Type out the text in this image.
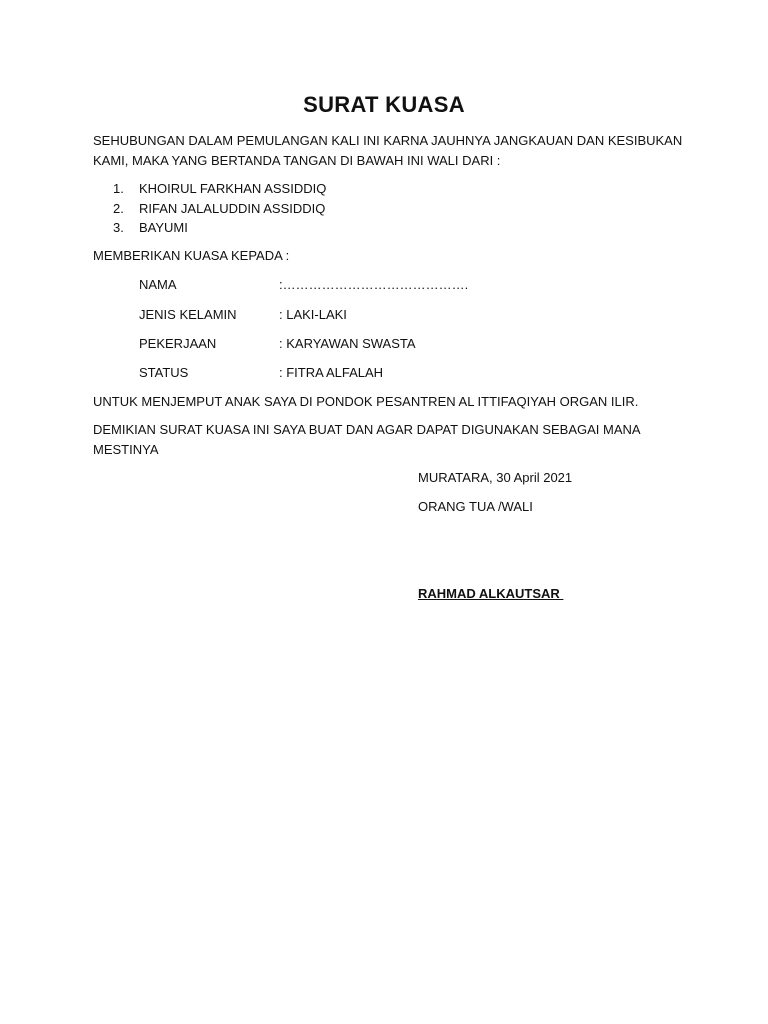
SURAT KUASA
SEHUBUNGAN DALAM PEMULANGAN KALI INI KARNA JAUHNYA JANGKAUAN DAN KESIBUKAN KAMI, MAKA YANG BERTANDA TANGAN DI BAWAH INI WALI DARI :
1. KHOIRUL FARKHAN ASSIDDIQ
2. RIFAN JALALUDDIN ASSIDDIQ
3. BAYUMI
MEMBERIKAN KUASA KEPADA :
NAMA	:…………………………………….
JENIS KELAMIN	: LAKI-LAKI
PEKERJAAN	: KARYAWAN SWASTA
STATUS	: FITRA ALFALAH
UNTUK MENJEMPUT ANAK SAYA DI PONDOK PESANTREN AL ITTIFAQIYAH ORGAN ILIR.
DEMIKIAN SURAT KUASA INI SAYA BUAT DAN AGAR DAPAT DIGUNAKAN SEBAGAI MANA MESTINYA
MURATARA, 30 April 2021
ORANG TUA /WALI
RAHMAD ALKAUTSAR
